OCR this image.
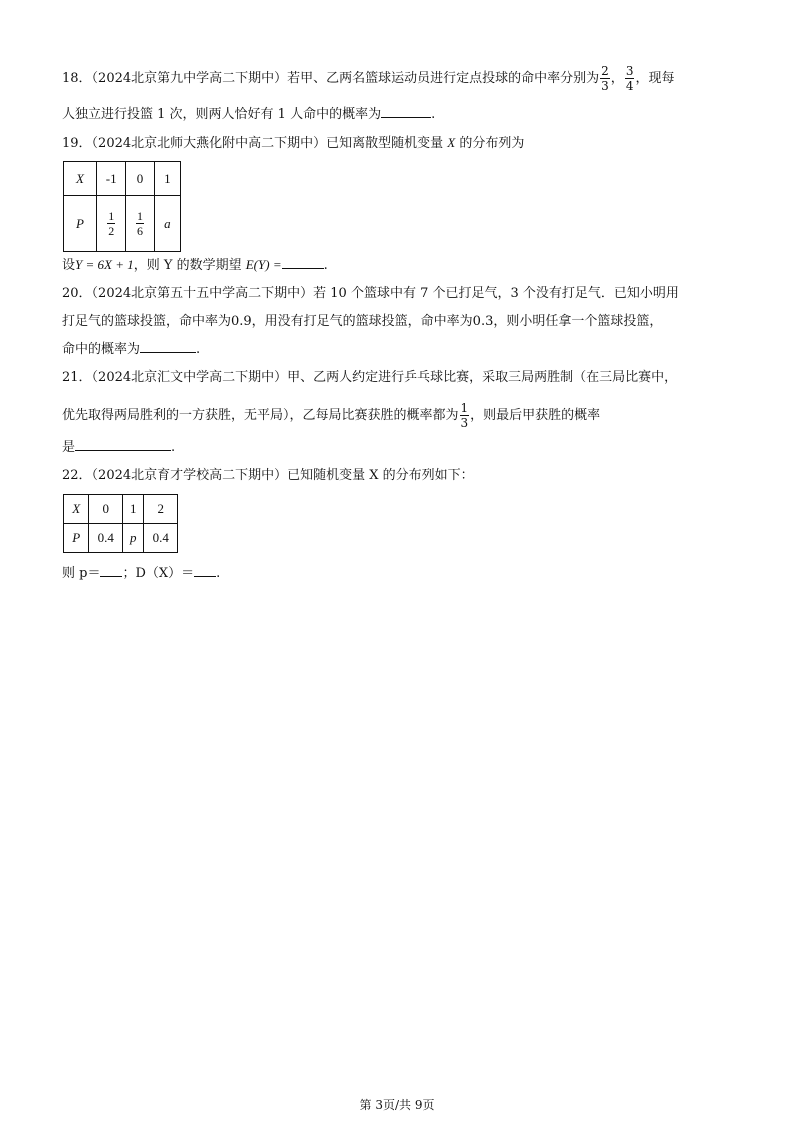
18．（2024北京第九中学高二下期中）若甲、乙两名篮球运动员进行定点投球的命中率分别为 $\frac{2}{3}$ ， $\frac{3}{4}$ ，现每
人独立进行投篮 1 次，则两人恰好有 1 人命中的概率为	.
19．（2024北京北师大燕化附中高二下期中）已知离散型随机变量 X 的分布列为
X	-1	0	1
P	$\frac{1}{2}$	$\frac{1}{6}$	a
设Y = 6X + 1，则 Y 的数学期望 E(Y) =	.
20．（2024北京第五十五中学高二下期中）若 10 个篮球中有 7 个已打足气，3 个没有打足气．已知小明用
打足气的篮球投篮，命中率为0.9，用没有打足气的篮球投篮，命中率为0.3，则小明任拿一个篮球投篮，
命中的概率为	.
21．（2024北京汇文中学高二下期中）甲、乙两人约定进行乒乓球比赛，采取三局两胜制（在三局比赛中，
优先取得两局胜利的一方获胜，无平局），乙每局比赛获胜的概率都为 $\frac{1}{3}$ ，则最后甲获胜的概率
是	.
22．（2024北京育才学校高二下期中）已知随机变量 X 的分布列如下：
X	0	1	2
P	0.4	p	0.4
则 p＝ ；D（X）＝ .
第 3页/共 9页
